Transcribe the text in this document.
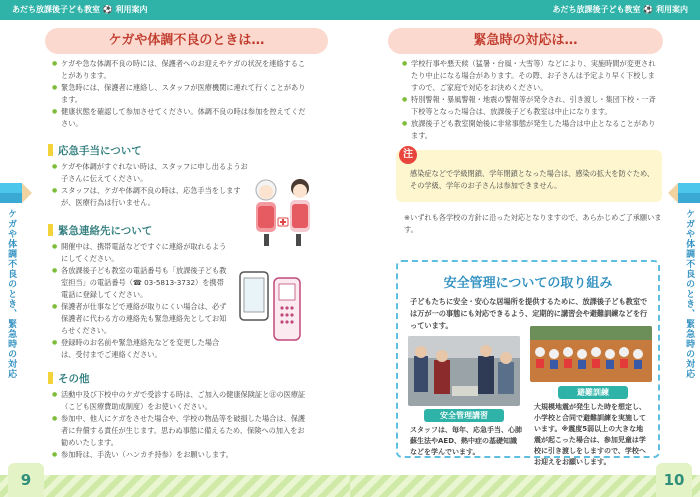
あだち放課後子ども教室 ⚽ 利用案内
ケガや体調不良のとき、緊急時の対応
ケガや体調不良のときは…
● ケガや急な体調不良の時には、保護者へのお迎えやケガの状況を連絡することがあります。
● 緊急時には、保護者に連絡し、スタッフが医療機関に連れて行くことがあります。
● 健康状態を確認して参加させてください。体調不良の時は参加を控えてください。
応急手当について
● ケガや体調がすぐれない時は、スタッフに申し出るようお子さんに伝えてください。
● スタッフは、ケガや体調不良の時は、応急手当をしますが、医療行為は行いません。
緊急連絡先について
● 開催中は、携帯電話などですぐに連絡が取れるようにしてください。
● 各放課後子ども教室の電話番号も「放課後子ども教室担当」の電話番号（☎ 03-5813-3732）を携帯電話に登録してください。
● 保護者が仕事などで連絡が取りにくい場合は、必ず保護者に代わる方の連絡先も緊急連絡先としてお知らせください。
● 登録時のお名前や緊急連絡先などを変更した場合は、受付までご連絡ください。
その他
● 活動中及び下校中のケガで受診する時は、ご加入の健康保険証と㊟の医療証（こども医療費助成制度）をお使いください。
● 参加中、他人にケガをさせた場合や、学校の物品等を破損した場合は、保護者に弁償する責任が生じます。思わぬ事態に備えるため、保険への加入をお勧めいたします。
● 参加時は、手洗い（ハンカチ持参）をお願いします。
9
あだち放課後子ども教室 ⚽ 利用案内
ケガや体調不良のとき、緊急時の対応
緊急時の対応は…
● 学校行事や悪天候（猛暑・台風・大雪等）などにより、実施時間が変更されたり中止になる場合があります。その際、お子さんは予定より早く下校しますので、ご家庭で対応をお決めください。
● 特別警報・暴風警報・地震の警報等が発令され、引き渡し・集団下校・一斉下校等となった場合は、放課後子ども教室は中止になります。
● 放課後子ども教室開始後に非常事態が発生した場合は中止となることがあります。
注
感染症などで学級閉鎖、学年閉鎖となった場合は、感染の拡大を防ぐため、その学級、学年のお子さんは参加できません。
※いずれも各学校の方針に沿った対応となりますので、あらかじめご了承願います。
安全管理についての取り組み
子どもたちに安全・安心な居場所を提供するために、放課後子ども教室では万が一の事態にも対応できるよう、定期的に講習会や避難訓練などを行っています。
安全管理講習
スタッフは、毎年、応急手当、心肺蘇生法やAED、熱中症の基礎知識などを学んでいます。
避難訓練
大規模地震が発生した時を想定し、小学校と合同で避難訓練を実施しています。※震度5弱以上の大きな地震が起こった場合は、参加児童は学校に引き渡しをしますので、学校へお迎えをお願いします。
10
